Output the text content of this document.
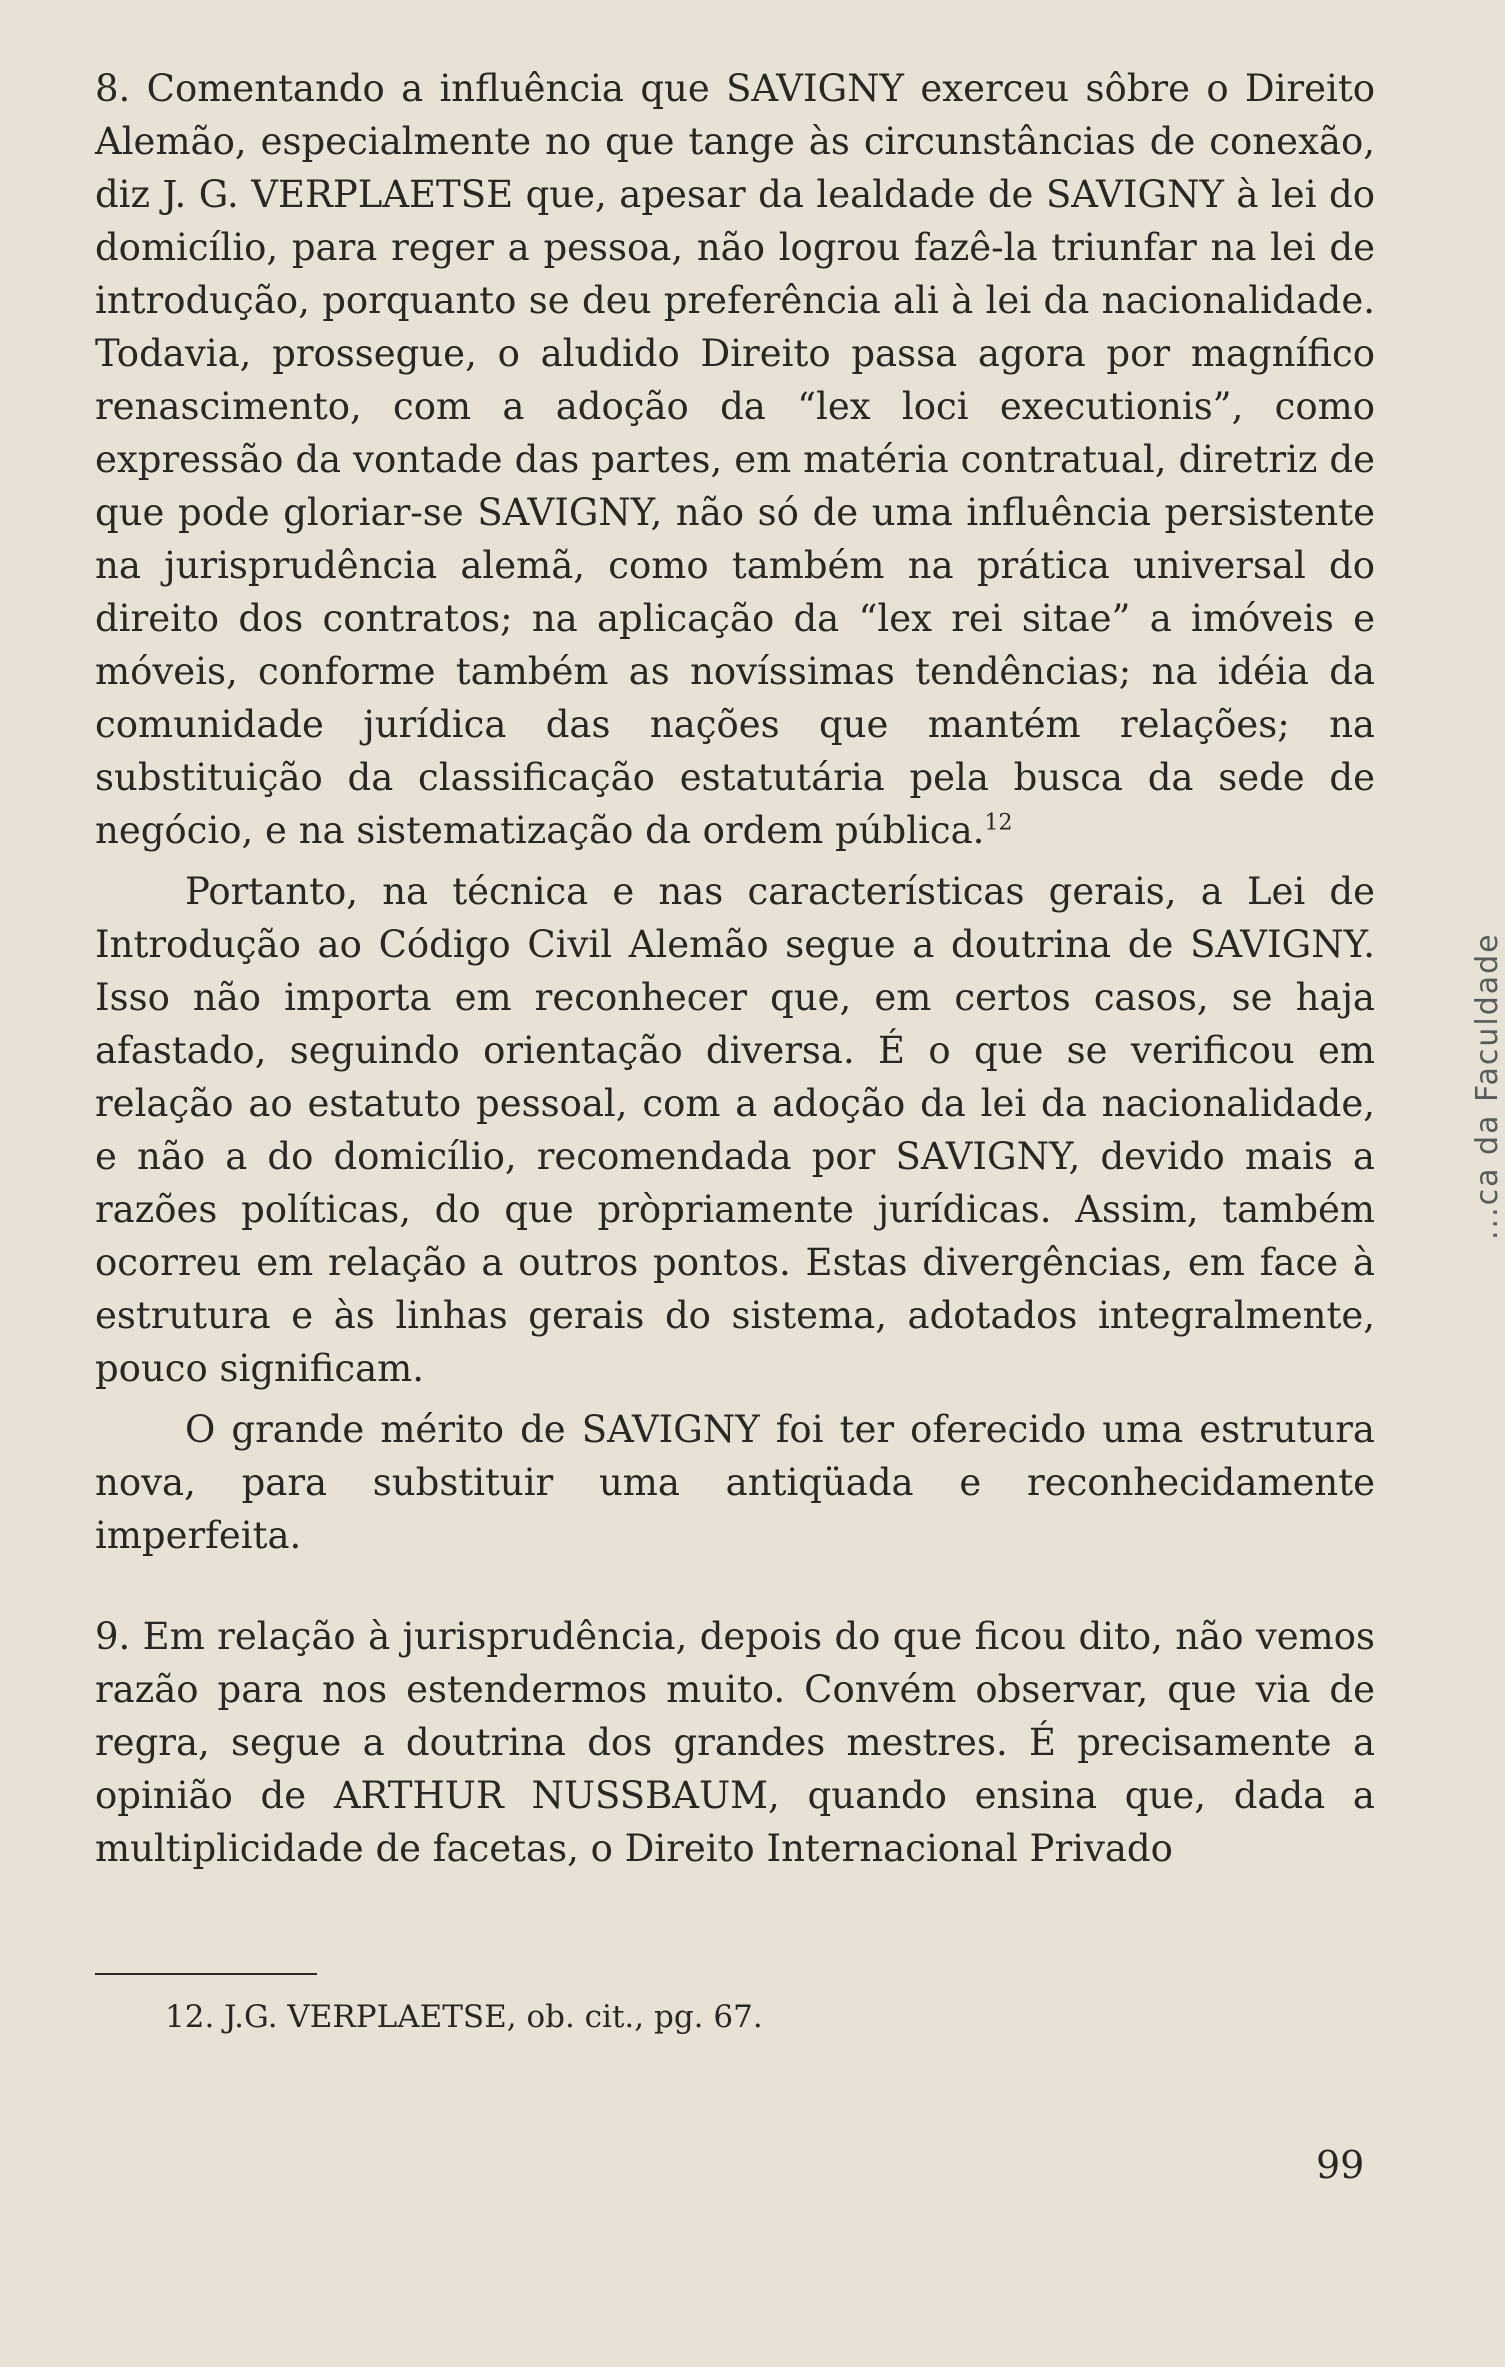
8. Comentando a influência que SAVIGNY exerceu sôbre o Direito Alemão, especialmente no que tange às circunstâncias de conexão, diz J. G. VERPLAETSE que, apesar da lealdade de SAVIGNY à lei do domicílio, para reger a pessoa, não logrou fazê-la triunfar na lei de introdução, porquanto se deu preferência ali à lei da nacionalidade. Todavia, prossegue, o aludido Direito passa agora por magnífico renascimento, com a adoção da “lex loci executionis”, como expressão da vontade das partes, em matéria contratual, diretriz de que pode gloriar-se SAVIGNY, não só de uma influência persistente na jurisprudência alemã, como também na prática universal do direito dos contratos; na aplicação da “lex rei sitae” a imóveis e móveis, conforme também as novíssimas tendências; na idéia da comunidade jurídica das nações que mantém relações; na substituição da classificação estatutária pela busca da sede de negócio, e na sistematização da ordem pública.$^{12}$

Portanto, na técnica e nas características gerais, a Lei de Introdução ao Código Civil Alemão segue a doutrina de SAVIGNY. Isso não importa em reconhecer que, em certos casos, se haja afastado, seguindo orientação diversa. É o que se verificou em relação ao estatuto pessoal, com a adoção da lei da nacionalidade, e não a do domicílio, recomendada por SAVIGNY, devido mais a razões políticas, do que pròpriamente jurídicas. Assim, também ocorreu em relação a outros pontos. Estas divergências, em face à estrutura e às linhas gerais do sistema, adotados integralmente, pouco significam.

O grande mérito de SAVIGNY foi ter oferecido uma estrutura nova, para substituir uma antiqüada e reconhecidamente imperfeita.

9. Em relação à jurisprudência, depois do que ficou dito, não vemos razão para nos estendermos muito. Convém observar, que via de regra, segue a doutrina dos grandes mestres. É precisamente a opinião de ARTHUR NUSSBAUM, quando ensina que, dada a multiplicidade de facetas, o Direito Internacional Privado

12. J.G. VERPLAETSE, ob. cit., pg. 67.
99
...ca da Faculdade
